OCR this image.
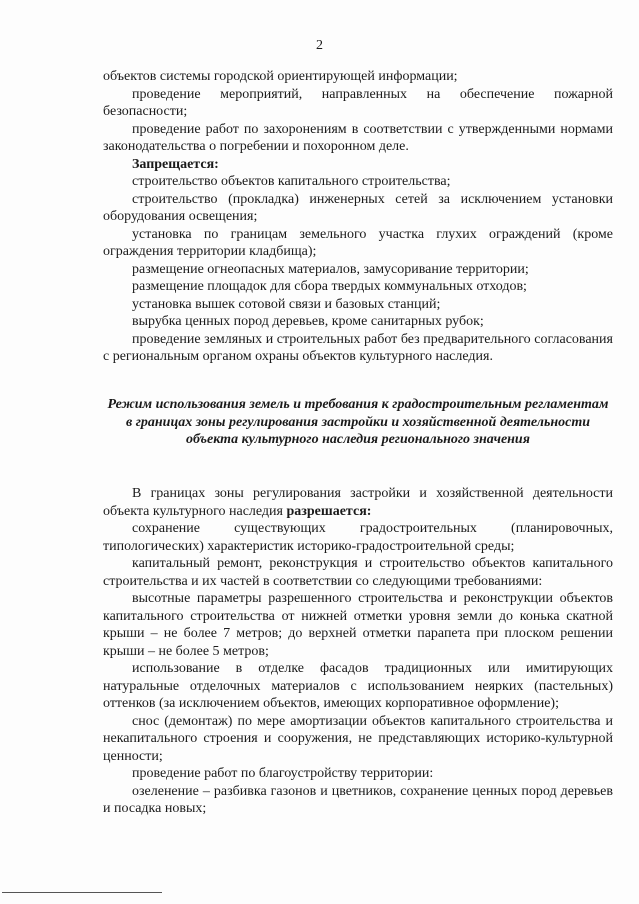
2

объектов системы городской ориентирующей информации;

проведение мероприятий, направленных на обеспечение пожарной безопасности;

проведение работ по захоронениям в соответствии с утвержденными нормами законодательства о погребении и похоронном деле.

Запрещается:

строительство объектов капитального строительства;

строительство (прокладка) инженерных сетей за исключением установки оборудования освещения;

установка по границам земельного участка глухих ограждений (кроме ограждения территории кладбища);

размещение огнеопасных материалов, замусоривание территории;

размещение площадок для сбора твердых коммунальных отходов;

установка вышек сотовой связи и базовых станций;

вырубка ценных пород деревьев, кроме санитарных рубок;

проведение земляных и строительных работ без предварительного согласования с региональным органом охраны объектов культурного наследия.

Режим использования земель и требования к градостроительным регламентам в границах зоны регулирования застройки и хозяйственной деятельности объекта культурного наследия регионального значения

В границах зоны регулирования застройки и хозяйственной деятельности объекта культурного наследия разрешается:

сохранение существующих градостроительных (планировочных, типологических) характеристик историко-градостроительной среды;

капитальный ремонт, реконструкция и строительство объектов капитального строительства и их частей в соответствии со следующими требованиями:

высотные параметры разрешенного строительства и реконструкции объектов капитального строительства от нижней отметки уровня земли до конька скатной крыши – не более 7 метров; до верхней отметки парапета при плоском решении крыши – не более 5 метров;

использование в отделке фасадов традиционных или имитирующих натуральные отделочных материалов с использованием неярких (пастельных) оттенков (за исключением объектов, имеющих корпоративное оформление);

снос (демонтаж) по мере амортизации объектов капитального строительства и некапитального строения и сооружения, не представляющих историко-культурной ценности;

проведение работ по благоустройству территории:

озеленение – разбивка газонов и цветников, сохранение ценных пород деревьев и посадка новых;
